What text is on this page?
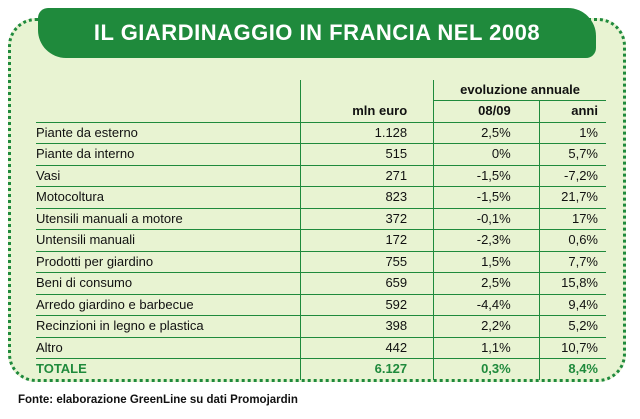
IL GIARDINAGGIO IN FRANCIA NEL 2008
		evoluzione annuale	
	mln euro	08/09	anni
Piante da esterno	1.128	2,5%	1%
Piante da interno	515	0%	5,7%
Vasi	271	-1,5%	-7,2%
Motocoltura	823	-1,5%	21,7%
Utensili manuali a motore	372	-0,1%	17%
Untensili manuali	172	-2,3%	0,6%
Prodotti per giardino	755	1,5%	7,7%
Beni di consumo	659	2,5%	15,8%
Arredo giardino e barbecue	592	-4,4%	9,4%
Recinzioni in legno e plastica	398	2,2%	5,2%
Altro	442	1,1%	10,7%
TOTALE	6.127	0,3%	8,4%
Fonte: elaborazione GreenLine su dati Promojardin
